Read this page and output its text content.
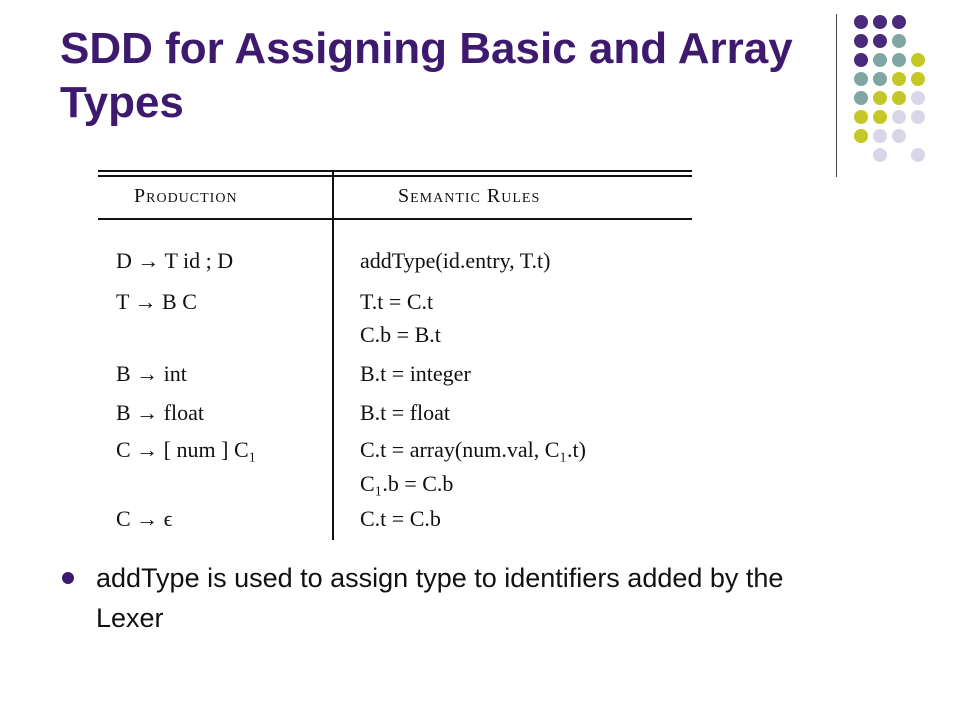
SDD for Assigning Basic and Array Types
Production	Semantic Rules
D → T id ; D	addType(id.entry, T.t)
T → B C	T.t = C.t
C.b = B.t
B → int	B.t = integer
B → float	B.t = float
C → [ num ] C₁	C.t = array(num.val, C₁.t)
C₁.b = C.b
C → ϵ	C.t = C.b
addType is used to assign type to identifiers added by the Lexer
